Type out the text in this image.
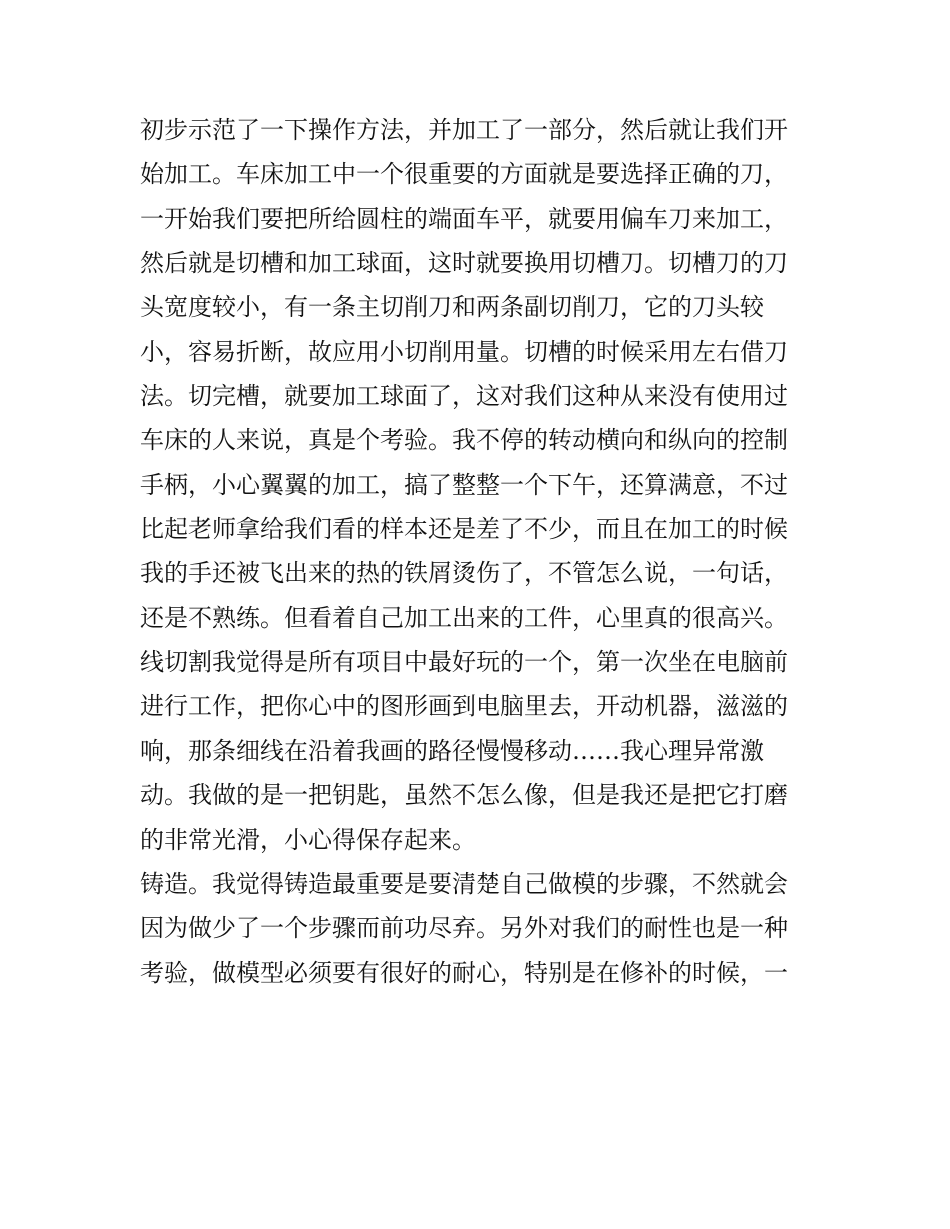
初步示范了一下操作方法，并加工了一部分，然后就让我们开
始加工。车床加工中一个很重要的方面就是要选择正确的刀，
一开始我们要把所给圆柱的端面车平，就要用偏车刀来加工，
然后就是切槽和加工球面，这时就要换用切槽刀。切槽刀的刀
头宽度较小，有一条主切削刀和两条副切削刀，它的刀头较
小，容易折断，故应用小切削用量。切槽的时候采用左右借刀
法。切完槽，就要加工球面了，这对我们这种从来没有使用过
车床的人来说，真是个考验。我不停的转动横向和纵向的控制
手柄，小心翼翼的加工，搞了整整一个下午，还算满意，不过
比起老师拿给我们看的样本还是差了不少，而且在加工的时候
我的手还被飞出来的热的铁屑烫伤了，不管怎么说，一句话，
还是不熟练。但看着自己加工出来的工件，心里真的很高兴。
线切割我觉得是所有项目中最好玩的一个，第一次坐在电脑前
进行工作，把你心中的图形画到电脑里去，开动机器，滋滋的
响，那条细线在沿着我画的路径慢慢移动……我心理异常激
动。我做的是一把钥匙，虽然不怎么像，但是我还是把它打磨
的非常光滑，小心得保存起来。
铸造。我觉得铸造最重要是要清楚自己做模的步骤，不然就会
因为做少了一个步骤而前功尽弃。另外对我们的耐性也是一种
考验，做模型必须要有很好的耐心，特别是在修补的时候，一
